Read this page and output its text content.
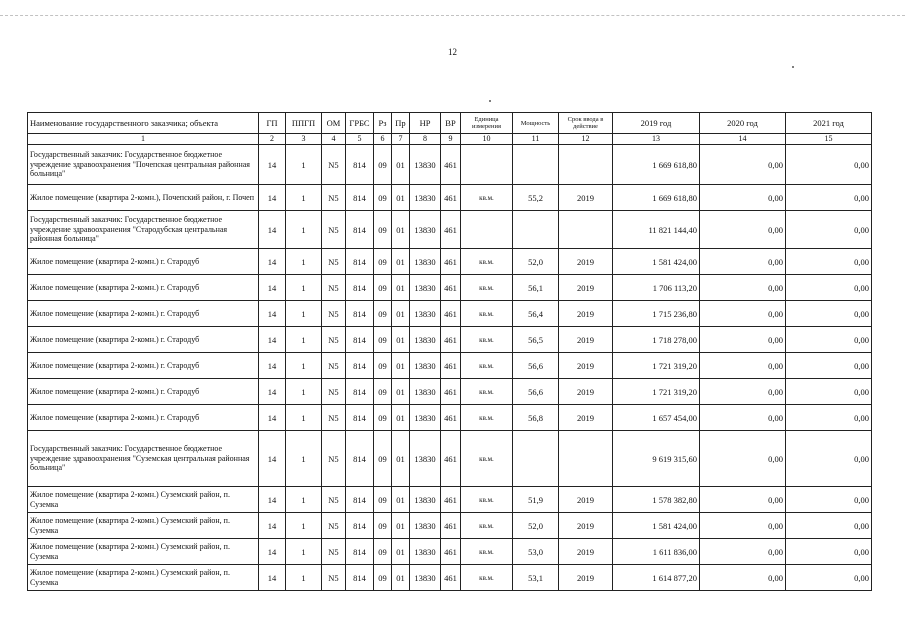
12
Наименование государственного заказчика; объекта	ГП	ППГП	ОМ	ГРБС	Рз	Пр	НР	ВР	Единица измерения	Мощность	Срок ввода в действие	2019 год	2020 год	2021 год
1	2	3	4	5	6	7	8	9	10	11	12	13	14	15
Государственный заказчик: Государственное бюджетное учреждение здравоохранения "Почепская центральная районная больница"	14	1	N5	814	09	01	13830	461				1 669 618,80	0,00	0,00
Жилое помещение (квартира 2-комн.), Почепский район, г. Почеп	14	1	N5	814	09	01	13830	461	кв.м.	55,2	2019	1 669 618,80	0,00	0,00
Государственный заказчик: Государственное бюджетное учреждение здравоохранения "Стародубская центральная районная больница"	14	1	N5	814	09	01	13830	461				11 821 144,40	0,00	0,00
Жилое помещение (квартира 2-комн.) г. Стародуб	14	1	N5	814	09	01	13830	461	кв.м.	52,0	2019	1 581 424,00	0,00	0,00
Жилое помещение (квартира 2-комн.) г. Стародуб	14	1	N5	814	09	01	13830	461	кв.м.	56,1	2019	1 706 113,20	0,00	0,00
Жилое помещение (квартира 2-комн.) г. Стародуб	14	1	N5	814	09	01	13830	461	кв.м.	56,4	2019	1 715 236,80	0,00	0,00
Жилое помещение (квартира 2-комн.) г. Стародуб	14	1	N5	814	09	01	13830	461	кв.м.	56,5	2019	1 718 278,00	0,00	0,00
Жилое помещение (квартира 2-комн.) г. Стародуб	14	1	N5	814	09	01	13830	461	кв.м.	56,6	2019	1 721 319,20	0,00	0,00
Жилое помещение (квартира 2-комн.) г. Стародуб	14	1	N5	814	09	01	13830	461	кв.м.	56,6	2019	1 721 319,20	0,00	0,00
Жилое помещение (квартира 2-комн.) г. Стародуб	14	1	N5	814	09	01	13830	461	кв.м.	56,8	2019	1 657 454,00	0,00	0,00
Государственный заказчик: Государственное бюджетное учреждение здравоохранения "Суземская центральная районная больница"	14	1	N5	814	09	01	13830	461	кв.м.			9 619 315,60	0,00	0,00
Жилое помещение (квартира 2-комн.) Суземский район, п. Суземка	14	1	N5	814	09	01	13830	461	кв.м.	51,9	2019	1 578 382,80	0,00	0,00
Жилое помещение (квартира 2-комн.) Суземский район, п. Суземка	14	1	N5	814	09	01	13830	461	кв.м.	52,0	2019	1 581 424,00	0,00	0,00
Жилое помещение (квартира 2-комн.) Суземский район, п. Суземка	14	1	N5	814	09	01	13830	461	кв.м.	53,0	2019	1 611 836,00	0,00	0,00
Жилое помещение (квартира 2-комн.) Суземский район, п. Суземка	14	1	N5	814	09	01	13830	461	кв.м.	53,1	2019	1 614 877,20	0,00	0,00
